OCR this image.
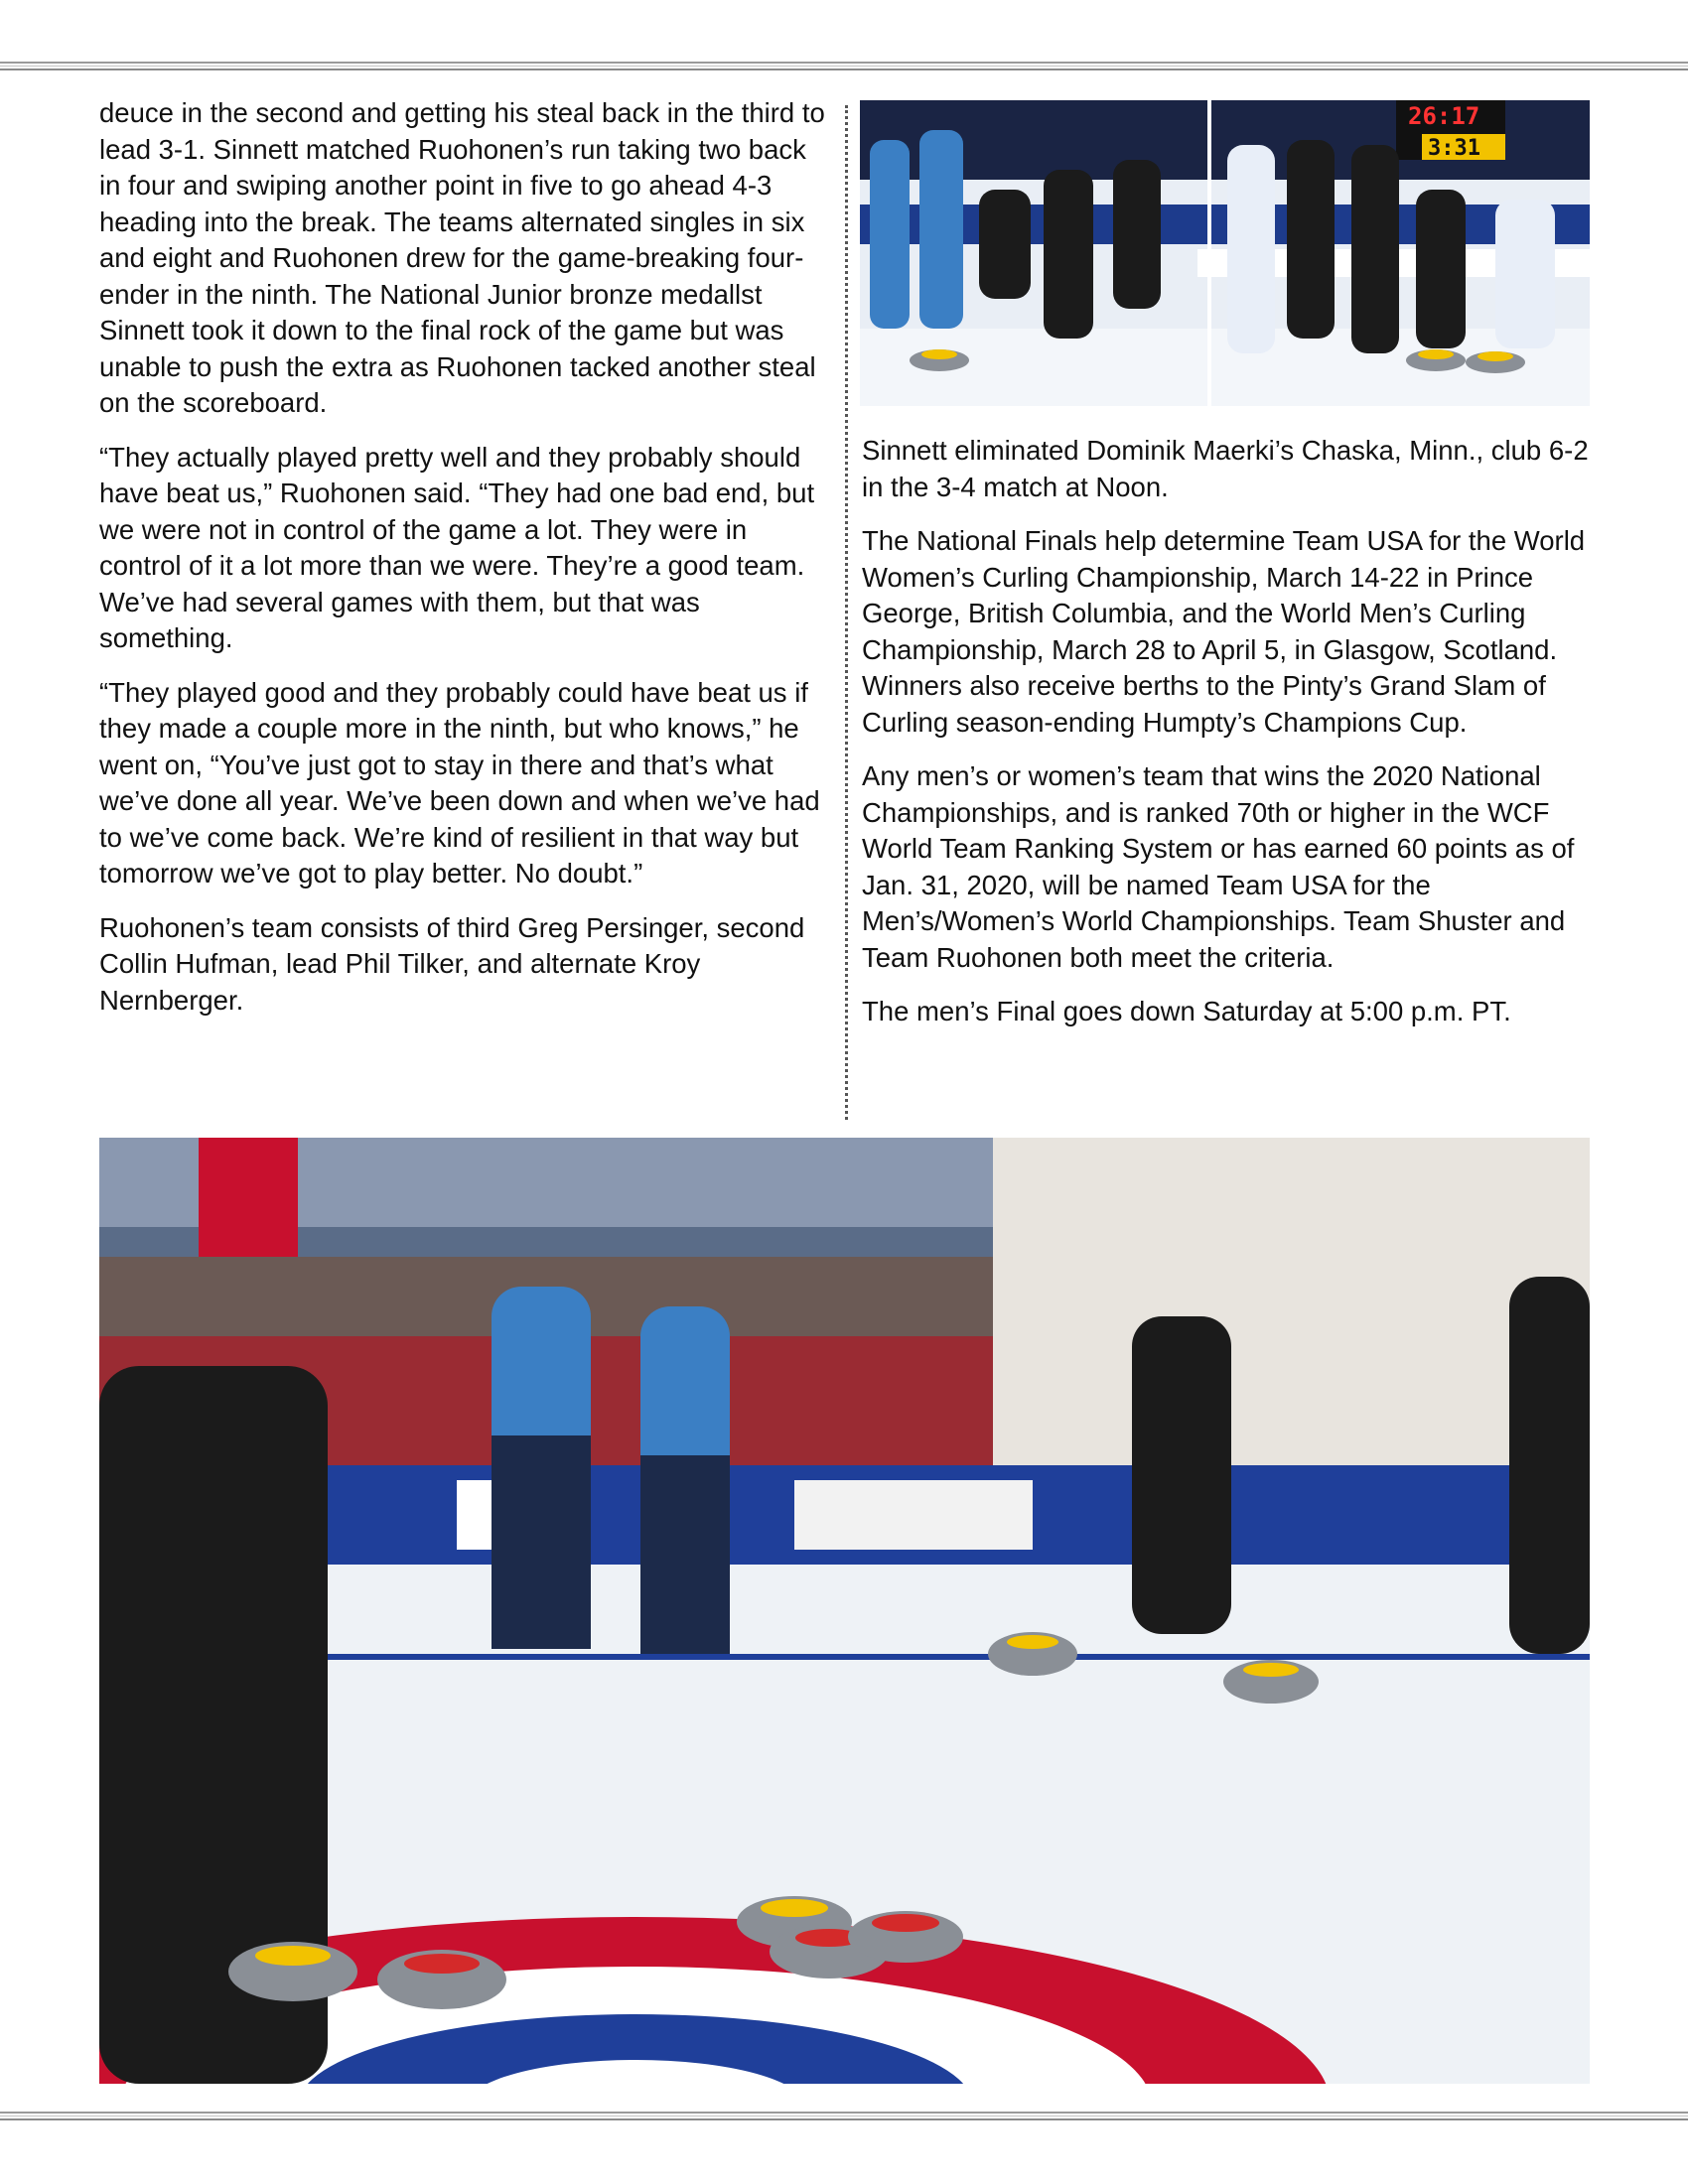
deuce in the second and getting his steal back in the third to lead 3-1. Sinnett matched Ruohonen’s run taking two back in four and swiping another point in five to go ahead 4-3 heading into the break. The teams alternated singles in six and eight and Ruohonen drew for the game-breaking four-ender in the ninth. The National Junior bronze medallst Sinnett took it down to the final rock of the game but was unable to push the extra as Ruohonen tacked another steal on the scoreboard.

“They actually played pretty well and they probably should have beat us,” Ruohonen said. “They had one bad end, but we were not in control of the game a lot. They were in control of it a lot more than we were. They’re a good team. We’ve had several games with them, but that was something.

“They played good and they probably could have beat us if they made a couple more in the ninth, but who knows,” he went on, “You’ve just got to stay in there and that’s what we’ve done all year. We’ve been down and when we’ve had to we’ve come back. We’re kind of resilient in that way but tomorrow we’ve got to play better. No doubt.”

Ruohonen’s team consists of third Greg Persinger, second Collin Hufman, lead Phil Tilker, and alternate Kroy Nernberger.

26:17
3:31

Sinnett eliminated Dominik Maerki’s Chaska, Minn., club 6-2 in the 3-4 match at Noon.

The National Finals help determine Team USA for the World Women’s Curling Championship, March 14-22 in Prince George, British Columbia, and the World Men’s Curling Championship, March 28 to April 5, in Glasgow, Scotland. Winners also receive berths to the Pinty’s Grand Slam of Curling season-ending Humpty’s Champions Cup.

Any men’s or women’s team that wins the 2020 National Championships, and is ranked 70th or higher in the WCF World Team Ranking System or has earned 60 points as of Jan. 31, 2020, will be named Team USA for the Men’s/Women’s World Championships. Team Shuster and Team Ruohonen both meet the criteria.

The men’s Final goes down Saturday at 5:00 p.m. PT.
